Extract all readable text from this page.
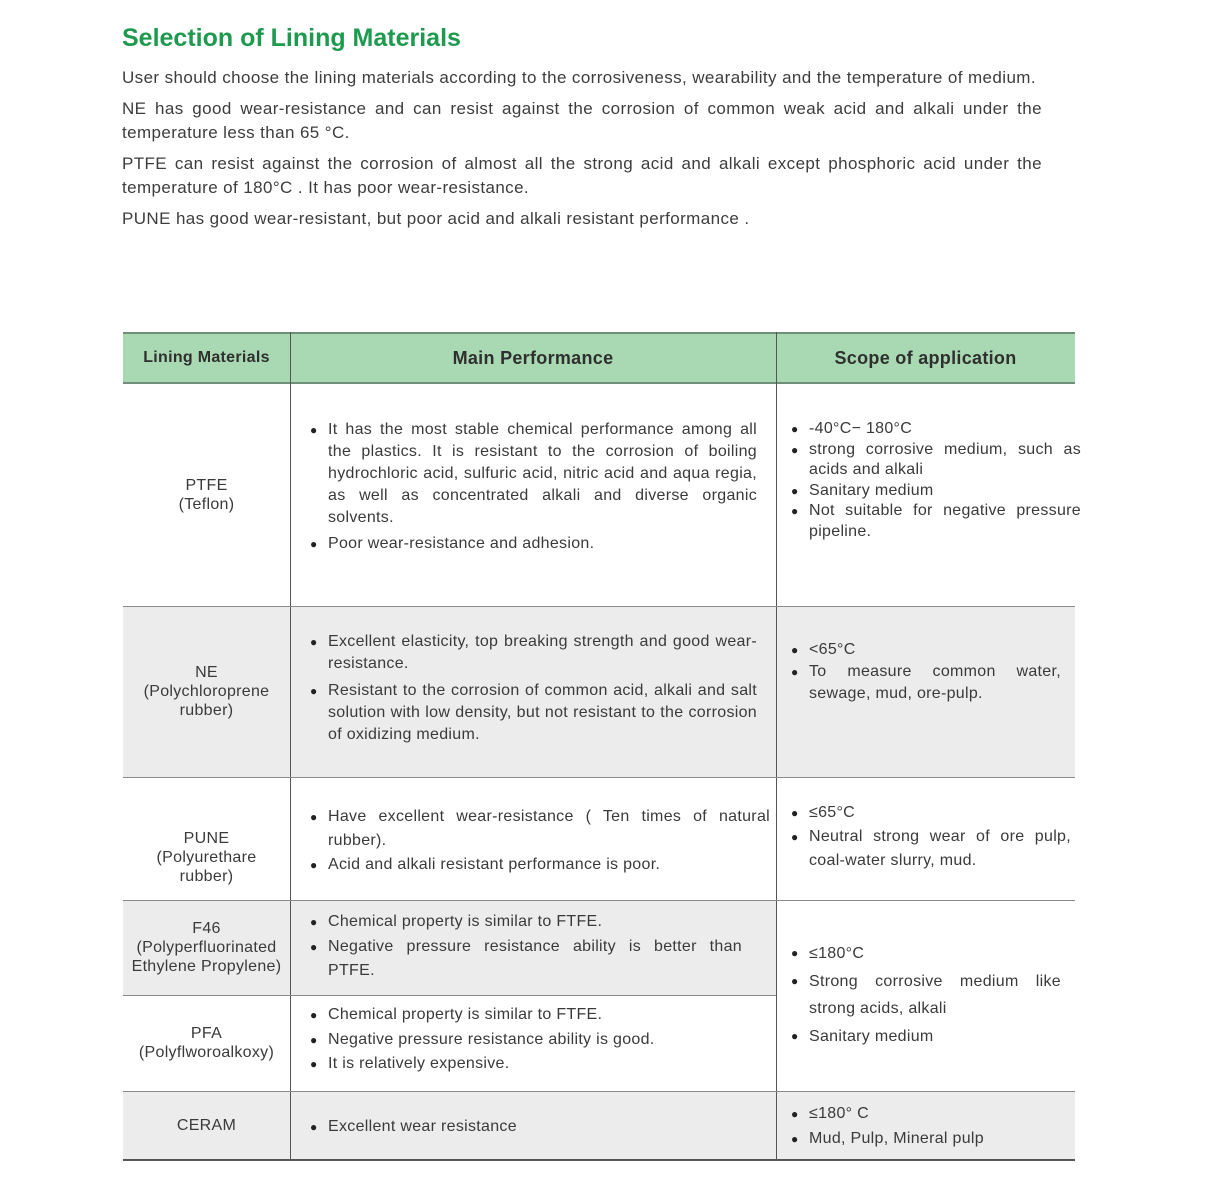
Selection of Lining Materials

User should choose the lining materials according to the corrosiveness, wearability and the temperature of medium.

NE has good wear-resistance and can resist against the corrosion of common weak acid and alkali under the temperature less than 65 °C.

PTFE can resist against the corrosion of almost all the strong acid and alkali except phosphoric acid under the temperature of 180°C . It has poor wear-resistance.

PUNE has good wear-resistant, but poor acid and alkali resistant performance .

Lining Materials	Main Performance	Scope of application
PTFE
(Teflon)
● It has the most stable chemical performance among all the plastics. It is resistant to the corrosion of boiling hydrochloric acid, sulfuric acid, nitric acid and aqua regia, as well as concentrated alkali and diverse organic solvents.
● Poor wear-resistance and adhesion.
● -40°C− 180°C
● strong corrosive medium, such as acids and alkali
● Sanitary medium
● Not suitable for negative pressure pipeline.
NE
(Polychloroprene
rubber)
● Excellent elasticity, top breaking strength and good wear-resistance.
● Resistant to the corrosion of common acid, alkali and salt solution with low density, but not resistant to the corrosion of oxidizing medium.
● <65°C
● To measure common water, sewage, mud, ore-pulp.
PUNE
(Polyurethare
rubber)
● Have excellent wear-resistance ( Ten times of natural rubber).
● Acid and alkali resistant performance is poor.
● ≤65°C
● Neutral strong wear of ore pulp, coal-water slurry, mud.
F46
(Polyperfluorinated
Ethylene Propylene)
● Chemical property is similar to FTFE.
● Negative pressure resistance ability is better than PTFE.
PFA
(Polyflworoalkoxy)
● Chemical property is similar to FTFE.
● Negative pressure resistance ability is good.
● It is relatively expensive.
● ≤180°C
● Strong corrosive medium like strong acids, alkali
● Sanitary medium
CERAM
●	Excellent wear resistance
● ≤180° C
● Mud, Pulp, Mineral pulp
